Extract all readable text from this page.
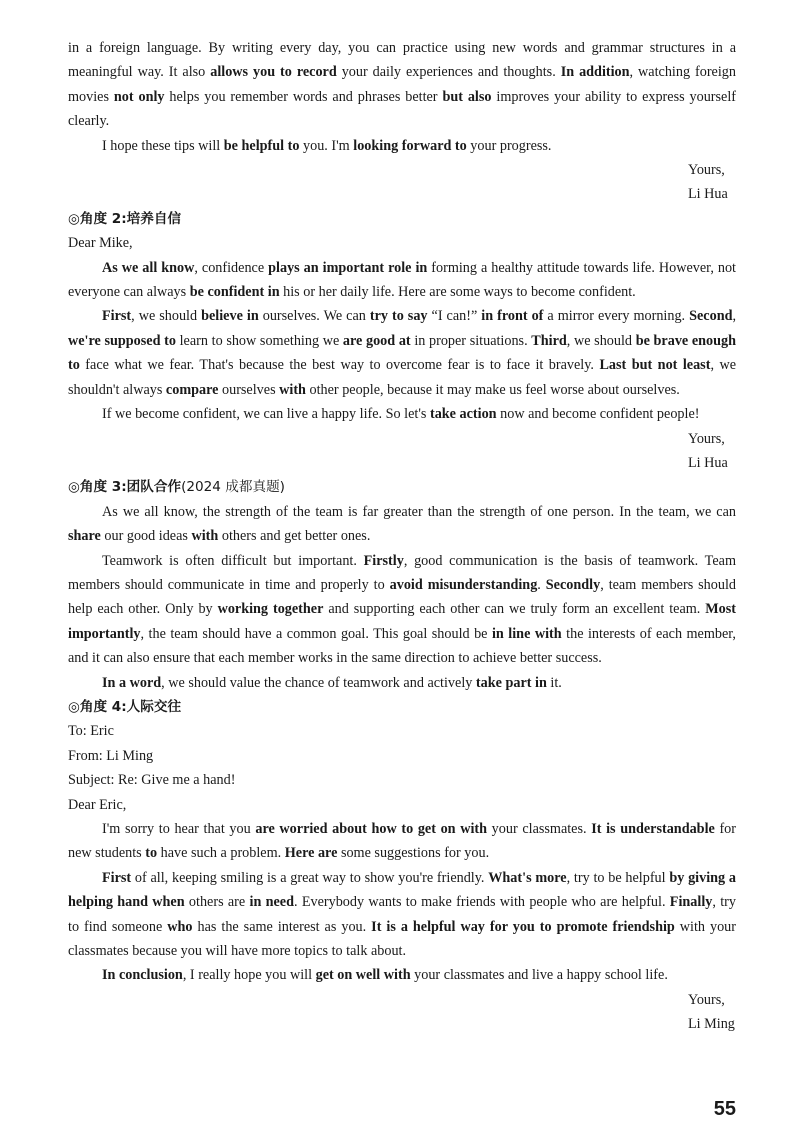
in a foreign language. By writing every day, you can practice using new words and grammar structures in a meaningful way. It also allows you to record your daily experiences and thoughts. In addition, watching foreign movies not only helps you remember words and phrases better but also improves your ability to express yourself clearly.

I hope these tips will be helpful to you. I'm looking forward to your progress.

Yours,
Li Hua

◎角度 2:培养自信

Dear Mike,

As we all know, confidence plays an important role in forming a healthy attitude towards life. However, not everyone can always be confident in his or her daily life. Here are some ways to become confident.

First, we should believe in ourselves. We can try to say “I can!” in front of a mirror every morning. Second, we're supposed to learn to show something we are good at in proper situations. Third, we should be brave enough to face what we fear. That's because the best way to overcome fear is to face it bravely. Last but not least, we shouldn't always compare ourselves with other people, because it may make us feel worse about ourselves.

If we become confident, we can live a happy life. So let's take action now and become confident people!

Yours,
Li Hua

◎角度 3:团队合作(2024 成都真题)

As we all know, the strength of the team is far greater than the strength of one person. In the team, we can share our good ideas with others and get better ones.

Teamwork is often difficult but important. Firstly, good communication is the basis of teamwork. Team members should communicate in time and properly to avoid misunderstanding. Secondly, team members should help each other. Only by working together and supporting each other can we truly form an excellent team. Most importantly, the team should have a common goal. This goal should be in line with the interests of each member, and it can also ensure that each member works in the same direction to achieve better success.

In a word, we should value the chance of teamwork and actively take part in it.

◎角度 4:人际交往

To: Eric

From: Li Ming

Subject: Re: Give me a hand!

Dear Eric,

I'm sorry to hear that you are worried about how to get on with your classmates. It is understandable for new students to have such a problem. Here are some suggestions for you.

First of all, keeping smiling is a great way to show you're friendly. What's more, try to be helpful by giving a helping hand when others are in need. Everybody wants to make friends with people who are helpful. Finally, try to find someone who has the same interest as you. It is a helpful way for you to promote friendship with your classmates because you will have more topics to talk about.

In conclusion, I really hope you will get on well with your classmates and live a happy school life.

Yours,
Li Ming
55
